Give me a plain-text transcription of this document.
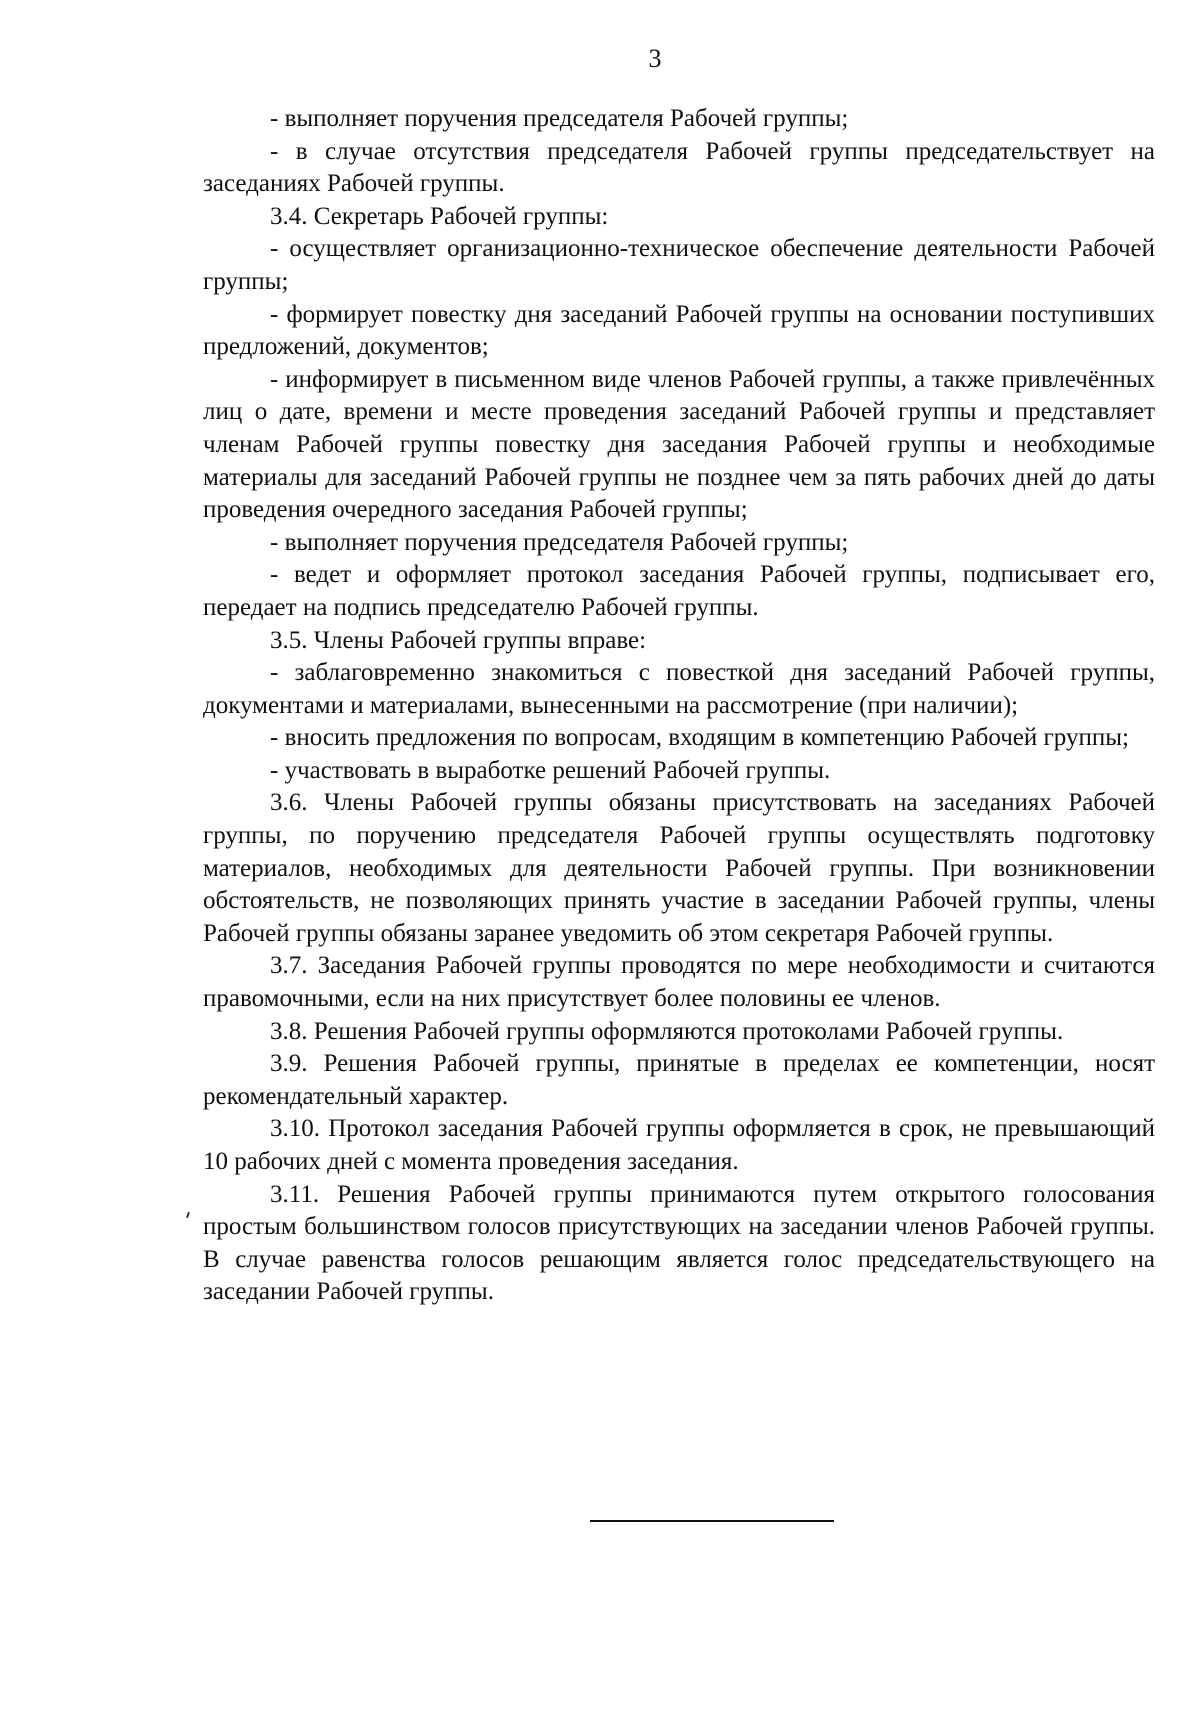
3

- выполняет поручения председателя Рабочей группы;

- в случае отсутствия председателя Рабочей группы председательствует на заседаниях Рабочей группы.

3.4. Секретарь Рабочей группы:

- осуществляет организационно-техническое обеспечение деятельности Рабочей группы;

- формирует повестку дня заседаний Рабочей группы на основании поступивших предложений, документов;

- информирует в письменном виде членов Рабочей группы, а также привлечённых лиц о дате, времени и месте проведения заседаний Рабочей группы и представляет членам Рабочей группы повестку дня заседания Рабочей группы и необходимые материалы для заседаний Рабочей группы не позднее чем за пять рабочих дней до даты проведения очередного заседания Рабочей группы;

- выполняет поручения председателя Рабочей группы;

- ведет и оформляет протокол заседания Рабочей группы, подписывает его, передает на подпись председателю Рабочей группы.

3.5. Члены Рабочей группы вправе:

- заблаговременно знакомиться с повесткой дня заседаний Рабочей группы, документами и материалами, вынесенными на рассмотрение (при наличии);

- вносить предложения по вопросам, входящим в компетенцию Рабочей группы;

- участвовать в выработке решений Рабочей группы.

3.6. Члены Рабочей группы обязаны присутствовать на заседаниях Рабочей группы, по поручению председателя Рабочей группы осуществлять подготовку материалов, необходимых для деятельности Рабочей группы. При возникновении обстоятельств, не позволяющих принять участие в заседании Рабочей группы, члены Рабочей группы обязаны заранее уведомить об этом секретаря Рабочей группы.

3.7. Заседания Рабочей группы проводятся по мере необходимости и считаются правомочными, если на них присутствует более половины ее членов.

3.8. Решения Рабочей группы оформляются протоколами Рабочей группы.

3.9. Решения Рабочей группы, принятые в пределах ее компетенции, носят рекомендательный характер.

3.10. Протокол заседания Рабочей группы оформляется в срок, не превышающий 10 рабочих дней с момента проведения заседания.

3.11. Решения Рабочей группы принимаются путем открытого голосования простым большинством голосов присутствующих на заседании членов Рабочей группы. В случае равенства голосов решающим является голос председательствующего на заседании Рабочей группы.
